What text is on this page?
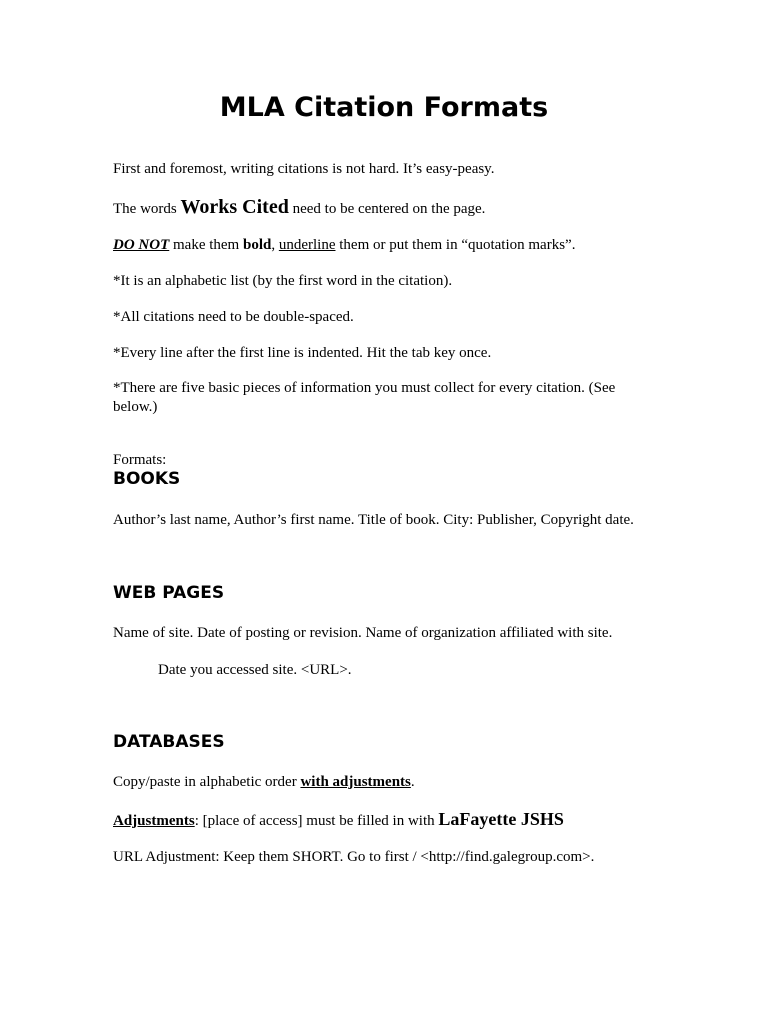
MLA Citation Formats
First and foremost, writing citations is not hard. It’s easy-peasy.
The words Works Cited need to be centered on the page.
DO NOT make them bold, underline them or put them in “quotation marks”.
*It is an alphabetic list (by the first word in the citation).
*All citations need to be double-spaced.
*Every line after the first line is indented. Hit the tab key once.
*There are five basic pieces of information you must collect for every citation. (See below.)
Formats:
BOOKS
Author’s last name, Author’s first name. Title of book. City: Publisher, Copyright date.
WEB PAGES
Name of site. Date of posting or revision. Name of organization affiliated with site.
Date you accessed site. <URL>.
DATABASES
Copy/paste in alphabetic order with adjustments.
Adjustments: [place of access] must be filled in with LaFayette JSHS
URL Adjustment: Keep them SHORT. Go to first / <http://find.galegroup.com>.
